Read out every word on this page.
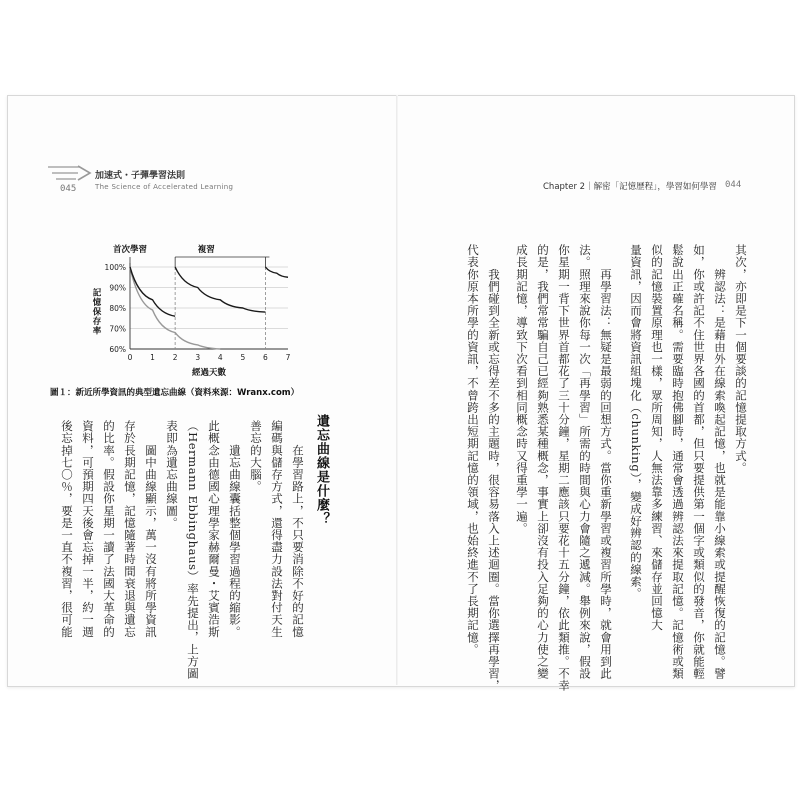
045
加速式・子彈學習法則
The Science of Accelerated Learning	Chapter 2｜解密「記憶歷程」，學習如何學習 044
其次，亦即是下一個要談的記憶提取方式。
　　辨認法：是藉由外在線索喚起記憶，也就是能靠小線索或提醒恢復的記憶。譬
如，你或許記不住世界各國的首都，但只要提供第一個字或類似的發音，你就能輕
鬆說出正確名稱。需要臨時抱佛腳時，通常會透過辨認法來提取記憶。記憶術或類
似的記憶裝置原理也一樣，眾所周知，人無法靠多練習、來儲存並回憶大
量資訊，因而會將資訊組塊化（chunking），變成好辨認的線索。
　　再學習法：無疑是最弱的回想方式。當你重新學習或複習所學時，就會用到此
法。照理來說你每一次「再學習」所需的時間與心力會隨之遞減。舉例來說，假設
你星期一背下世界首都花了三十分鐘，星期二應該只要花十五分鐘，依此類推。不幸
的是，我們常常騙自己已經夠熟悉某種概念，事實上卻沒有投入足夠的心力使之變
成長期記憶，導致下次看到相同概念時又得重學一遍。
　　我們碰到全新或忘得差不多的主題時，很容易落入上述迴圈。當你選擇再學習，
代表你原本所學的資訊，不曾跨出短期記憶的領域，也始終進不了長期記憶。
60%
70%
80%
90%
100%
0 1 2 3 4 5 6 7
經過天數
記憶保存率
首次學習	複習
圖１：新近所學資訊的典型遺忘曲線（資料來源：Wranx.com）
遺忘曲線是什麼？
　　在學習路上，不只要消除不好的記憶
編碼與儲存方式，還得盡力設法對付天生
善忘的大腦。
　　遺忘曲線囊括整個學習過程的縮影。
此概念由德國心理學家赫爾曼・艾賓浩斯
（Hermann Ebbinghaus）率先提出，上方圖
表即為遺忘曲線圖。
　　圖中曲線顯示，萬一沒有將所學資訊
存於長期記憶，記憶隨著時間衰退與遺忘
的比率。假設你星期一讀了法國大革命的
資料，可預期四天後會忘掉一半，約一週
後忘掉七〇％，要是一直不複習，很可能
